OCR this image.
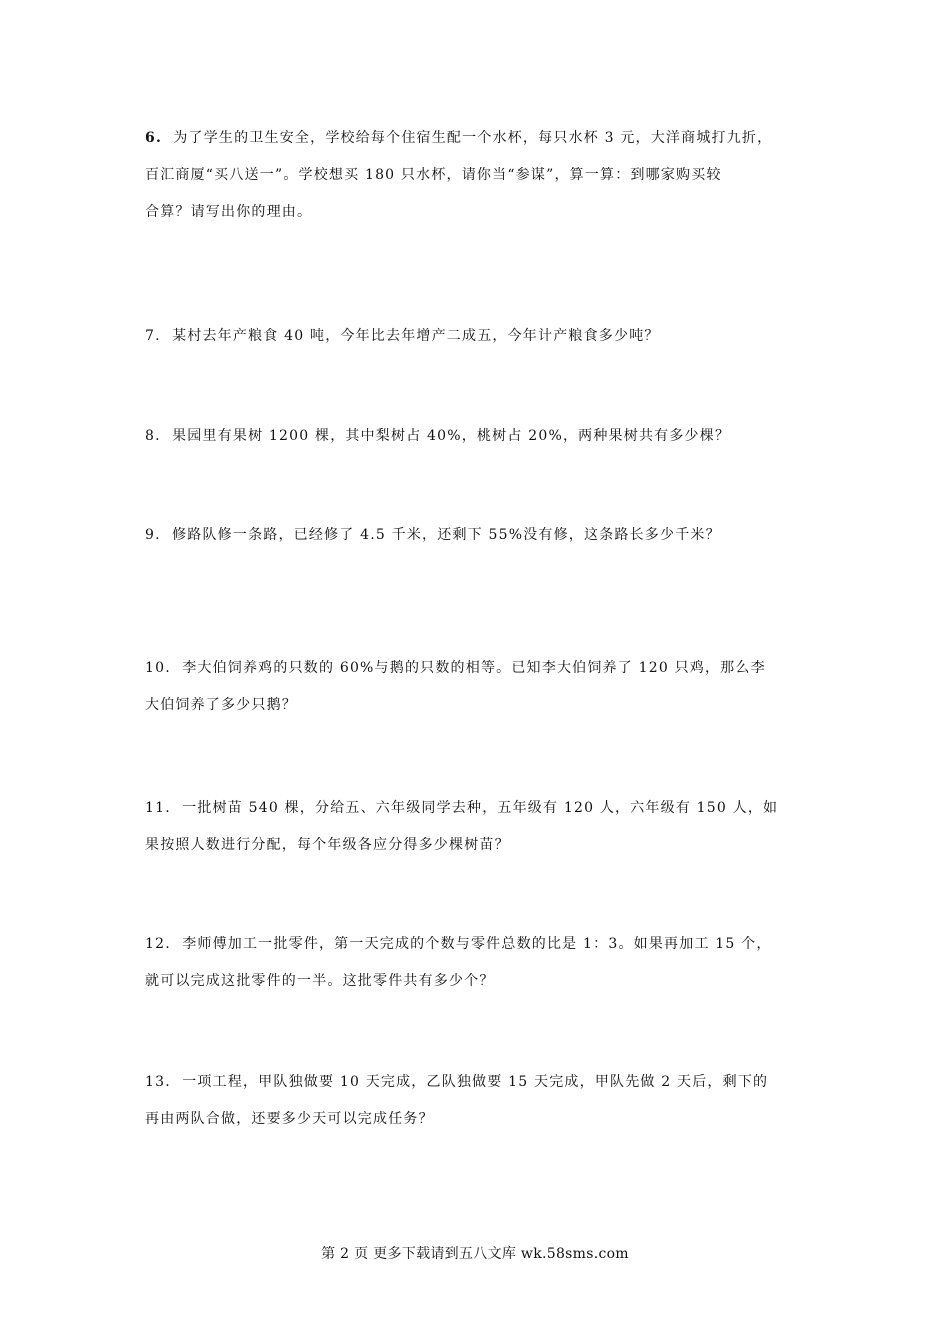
6. 为了学生的卫生安全，学校给每个住宿生配一个水杯，每只水杯 3 元，大洋商城打九折，
百汇商厦“买八送一”。学校想买 180 只水杯，请你当“参谋”，算一算：到哪家购买较
合算？请写出你的理由。
7. 某村去年产粮食 40 吨，今年比去年增产二成五，今年计产粮食多少吨？
8. 果园里有果树 1200 棵，其中梨树占 40%，桃树占 20%，两种果树共有多少棵？
9. 修路队修一条路，已经修了 4.5 千米，还剩下 55%没有修，这条路长多少千米？
10. 李大伯饲养鸡的只数的 60%与鹅的只数的相等。已知李大伯饲养了 120 只鸡，那么李
大伯饲养了多少只鹅？
11. 一批树苗 540 棵，分给五、六年级同学去种，五年级有 120 人，六年级有 150 人，如
果按照人数进行分配，每个年级各应分得多少棵树苗？
12. 李师傅加工一批零件，第一天完成的个数与零件总数的比是 1：3。如果再加工 15 个，
就可以完成这批零件的一半。这批零件共有多少个？
13. 一项工程，甲队独做要 10 天完成，乙队独做要 15 天完成，甲队先做 2 天后，剩下的
再由两队合做，还要多少天可以完成任务？
第 2 页 更多下载请到五八文库 wk.58sms.com
